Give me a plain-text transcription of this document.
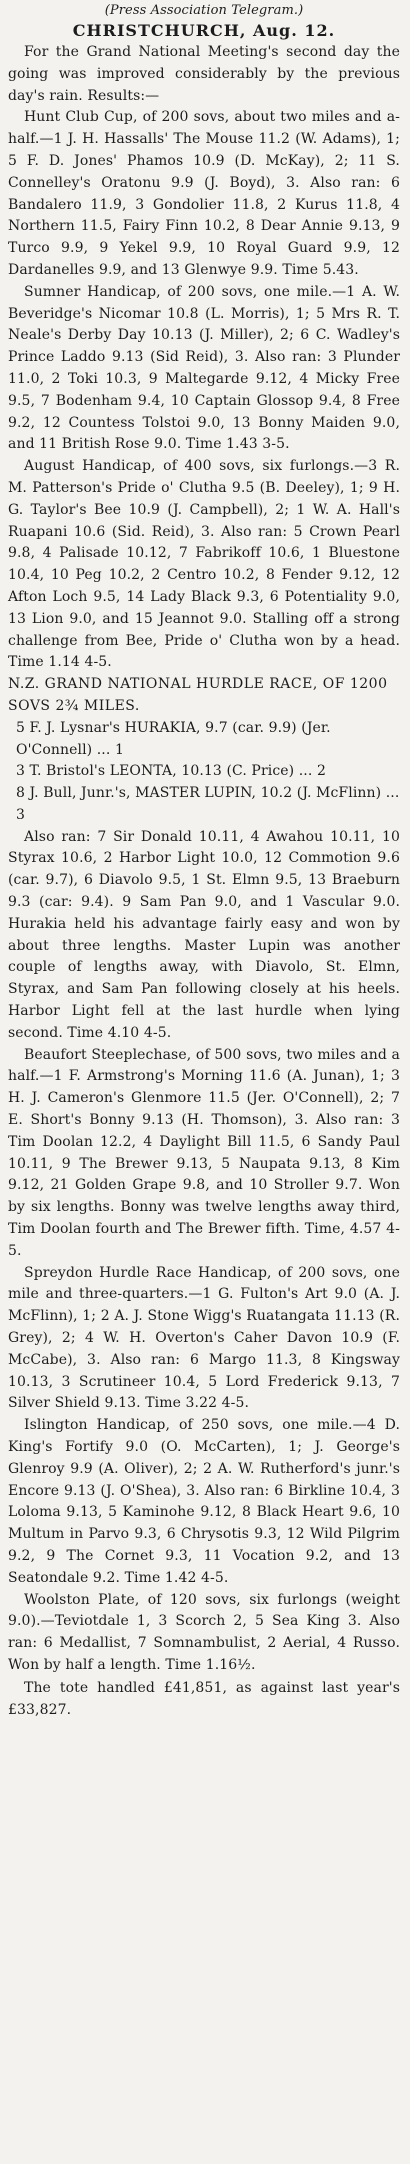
(Press Association Telegram.)
CHRISTCHURCH, Aug. 12.

For the Grand National Meeting's second day the going was improved considerably by the previous day's rain. Results:—

Hunt Club Cup, of 200 sovs, about two miles and a-half.—1 J. H. Hassalls' The Mouse 11.2 (W. Adams), 1; 5 F. D. Jones' Phamos 10.9 (D. McKay), 2; 11 S. Connelley's Oratonu 9.9 (J. Boyd), 3. Also ran: 6 Bandalero 11.9, 3 Gondolier 11.8, 2 Kurus 11.8, 4 Northern 11.5, Fairy Finn 10.2, 8 Dear Annie 9.13, 9 Turco 9.9, 9 Yekel 9.9, 10 Royal Guard 9.9, 12 Dardanelles 9.9, and 13 Glenwye 9.9. Time 5.43.

Sumner Handicap, of 200 sovs, one mile.—1 A. W. Beveridge's Nicomar 10.8 (L. Morris), 1; 5 Mrs R. T. Neale's Derby Day 10.13 (J. Miller), 2; 6 C. Wadley's Prince Laddo 9.13 (Sid Reid), 3. Also ran: 3 Plunder 11.0, 2 Toki 10.3, 9 Maltegarde 9.12, 4 Micky Free 9.5, 7 Bodenham 9.4, 10 Captain Glossop 9.4, 8 Free 9.2, 12 Countess Tolstoi 9.0, 13 Bonny Maiden 9.0, and 11 British Rose 9.0. Time 1.43 3-5.

August Handicap, of 400 sovs, six furlongs.—3 R. M. Patterson's Pride o' Clutha 9.5 (B. Deeley), 1; 9 H. G. Taylor's Bee 10.9 (J. Campbell), 2; 1 W. A. Hall's Ruapani 10.6 (Sid. Reid), 3. Also ran: 5 Crown Pearl 9.8, 4 Palisade 10.12, 7 Fabrikoff 10.6, 1 Bluestone 10.4, 10 Peg 10.2, 2 Centro 10.2, 8 Fender 9.12, 12 Afton Loch 9.5, 14 Lady Black 9.3, 6 Potentiality 9.0, 13 Lion 9.0, and 15 Jeannot 9.0. Stalling off a strong challenge from Bee, Pride o' Clutha won by a head. Time 1.14 4-5.

N.Z. GRAND NATIONAL HURDLE RACE, OF 1200 SOVS 2¾ MILES.

5 F. J. Lysnar's HURAKIA, 9.7 (car. 9.9) (Jer. O'Connell) ... 1

3 T. Bristol's LEONTA, 10.13 (C. Price) ... 2

8 J. Bull, Junr.'s, MASTER LUPIN, 10.2 (J. McFlinn) ... 3

Also ran: 7 Sir Donald 10.11, 4 Awahou 10.11, 10 Styrax 10.6, 2 Harbor Light 10.0, 12 Commotion 9.6 (car. 9.7), 6 Diavolo 9.5, 1 St. Elmn 9.5, 13 Braeburn 9.3 (car: 9.4). 9 Sam Pan 9.0, and 1 Vascular 9.0. Hurakia held his advantage fairly easy and won by about three lengths. Master Lupin was another couple of lengths away, with Diavolo, St. Elmn, Styrax, and Sam Pan following closely at his heels. Harbor Light fell at the last hurdle when lying second. Time 4.10 4-5.

Beaufort Steeplechase, of 500 sovs, two miles and a half.—1 F. Armstrong's Morning 11.6 (A. Junan), 1; 3 H. J. Cameron's Glenmore 11.5 (Jer. O'Connell), 2; 7 E. Short's Bonny 9.13 (H. Thomson), 3. Also ran: 3 Tim Doolan 12.2, 4 Daylight Bill 11.5, 6 Sandy Paul 10.11, 9 The Brewer 9.13, 5 Naupata 9.13, 8 Kim 9.12, 21 Golden Grape 9.8, and 10 Stroller 9.7. Won by six lengths. Bonny was twelve lengths away third, Tim Doolan fourth and The Brewer fifth. Time, 4.57 4-5.

Spreydon Hurdle Race Handicap, of 200 sovs, one mile and three-quarters.—1 G. Fulton's Art 9.0 (A. J. McFlinn), 1; 2 A. J. Stone Wigg's Ruatangata 11.13 (R. Grey), 2; 4 W. H. Overton's Caher Davon 10.9 (F. McCabe), 3. Also ran: 6 Margo 11.3, 8 Kingsway 10.13, 3 Scrutineer 10.4, 5 Lord Frederick 9.13, 7 Silver Shield 9.13. Time 3.22 4-5.

Islington Handicap, of 250 sovs, one mile.—4 D. King's Fortify 9.0 (O. McCarten), 1; J. George's Glenroy 9.9 (A. Oliver), 2; 2 A. W. Rutherford's junr.'s Encore 9.13 (J. O'Shea), 3. Also ran: 6 Birkline 10.4, 3 Loloma 9.13, 5 Kaminohe 9.12, 8 Black Heart 9.6, 10 Multum in Parvo 9.3, 6 Chrysotis 9.3, 12 Wild Pilgrim 9.2, 9 The Cornet 9.3, 11 Vocation 9.2, and 13 Seatondale 9.2. Time 1.42 4-5.

Woolston Plate, of 120 sovs, six furlongs (weight 9.0).—Teviotdale 1, 3 Scorch 2, 5 Sea King 3. Also ran: 6 Medallist, 7 Somnambulist, 2 Aerial, 4 Russo. Won by half a length. Time 1.16½.

The tote handled £41,851, as against last year's £33,827.
